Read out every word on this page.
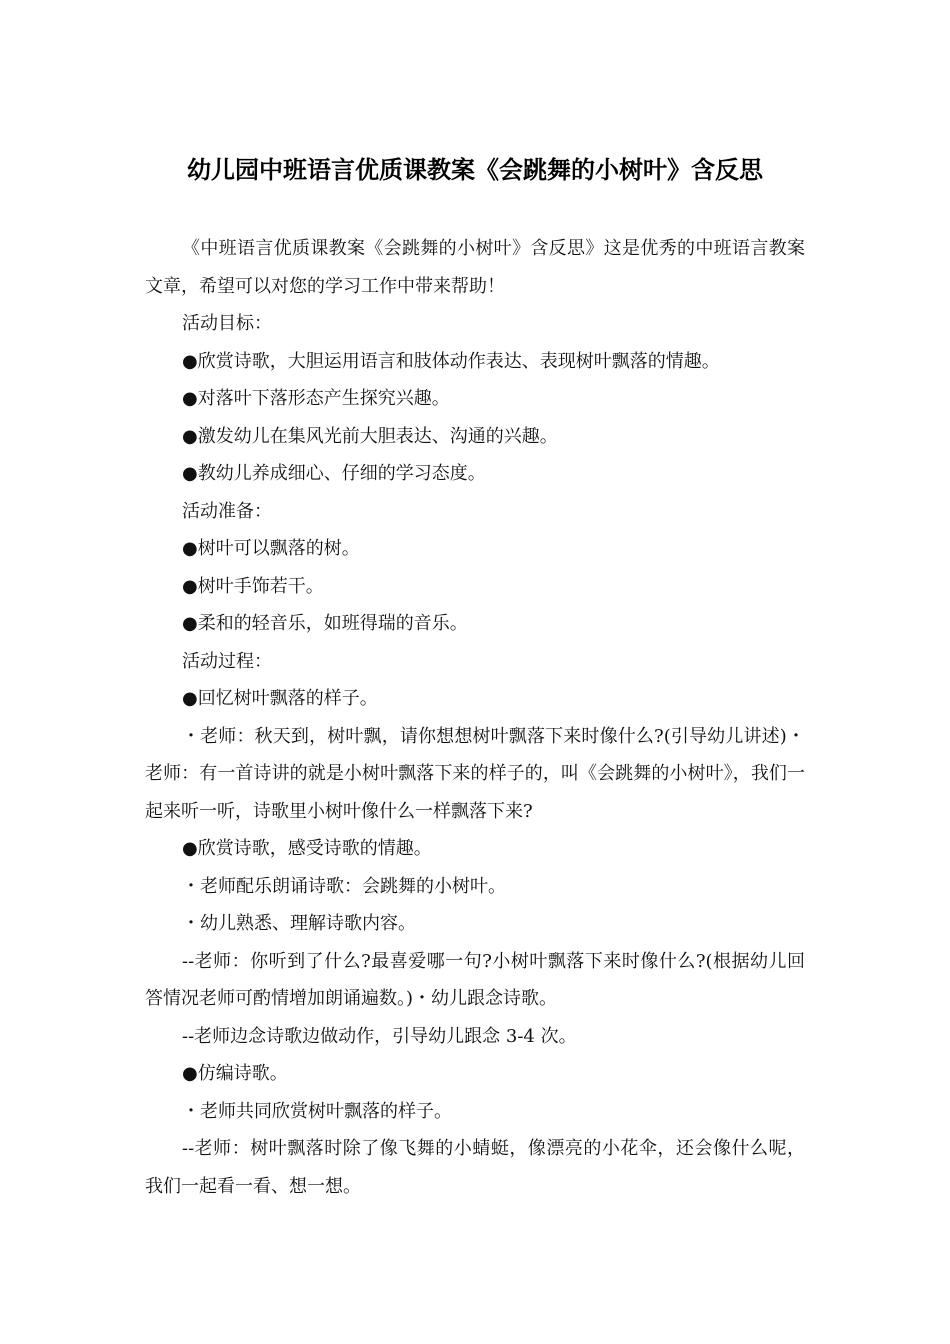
幼儿园中班语言优质课教案《会跳舞的小树叶》含反思

《中班语言优质课教案《会跳舞的小树叶》含反思》这是优秀的中班语言教案文章，希望可以对您的学习工作中带来帮助！

活动目标：

●欣赏诗歌，大胆运用语言和肢体动作表达、表现树叶飘落的情趣。

●对落叶下落形态产生探究兴趣。

●激发幼儿在集风光前大胆表达、沟通的兴趣。

●教幼儿养成细心、仔细的学习态度。

活动准备：

●树叶可以飘落的树。

●树叶手饰若干。

●柔和的轻音乐，如班得瑞的音乐。

活动过程：

●回忆树叶飘落的样子。

・老师：秋天到，树叶飘，请你想想树叶飘落下来时像什么?(引导幼儿讲述)・老师：有一首诗讲的就是小树叶飘落下来的样子的，叫《会跳舞的小树叶》，我们一起来听一听，诗歌里小树叶像什么一样飘落下来?

●欣赏诗歌，感受诗歌的情趣。

・老师配乐朗诵诗歌：会跳舞的小树叶。

・幼儿熟悉、理解诗歌内容。

--老师：你听到了什么?最喜爱哪一句?小树叶飘落下来时像什么?(根据幼儿回答情况老师可酌情增加朗诵遍数。)・幼儿跟念诗歌。

--老师边念诗歌边做动作，引导幼儿跟念 3-4 次。

●仿编诗歌。

・老师共同欣赏树叶飘落的样子。

--老师：树叶飘落时除了像飞舞的小蜻蜓，像漂亮的小花伞，还会像什么呢，我们一起看一看、想一想。
